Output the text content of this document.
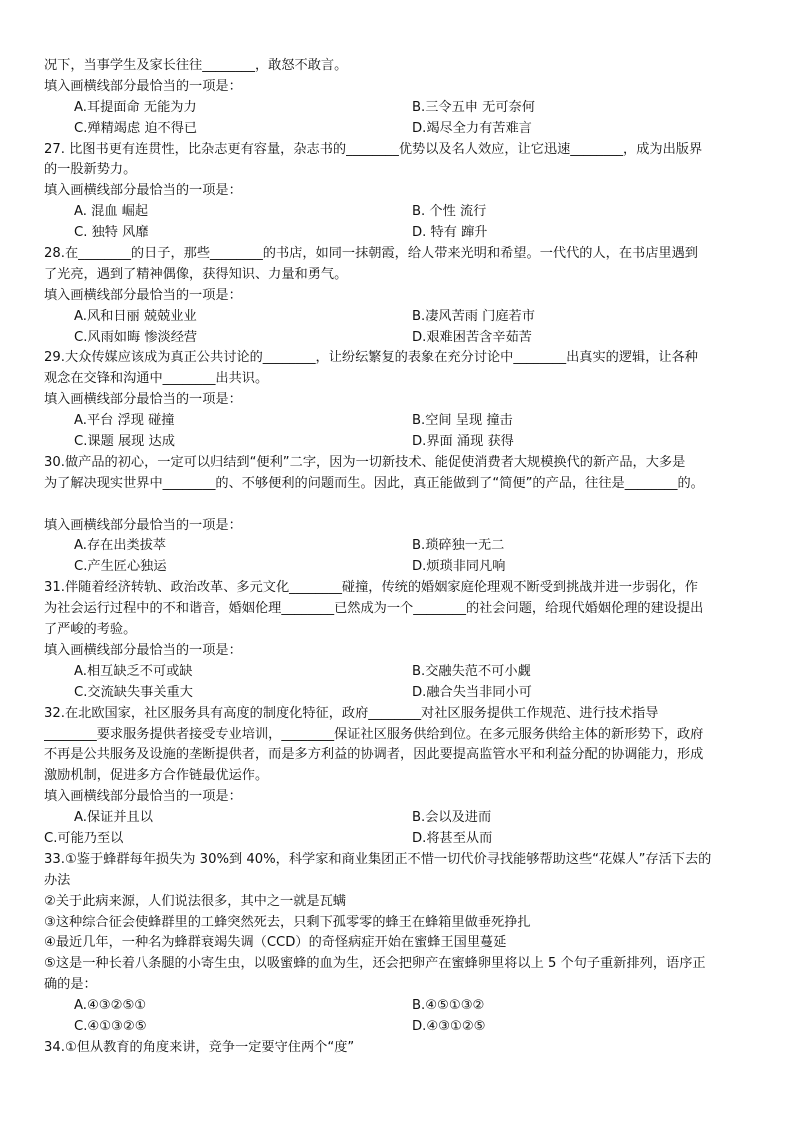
况下，当事学生及家长往往________，敢怒不敢言。
填入画横线部分最恰当的一项是：
A.耳提面命 无能为力	B.三令五申 无可奈何
C.殚精竭虑 迫不得已	D.竭尽全力有苦难言
27. 比图书更有连贯性，比杂志更有容量，杂志书的________优势以及名人效应，让它迅速________，成为出版界
的一股新势力。
填入画横线部分最恰当的一项是：
A. 混血 崛起	B. 个性 流行
C. 独特 风靡	D. 特有 蹿升
28.在________的日子，那些________的书店，如同一抹朝霞，给人带来光明和希望。一代代的人，在书店里遇到
了光亮，遇到了精神偶像，获得知识、力量和勇气。
填入画横线部分最恰当的一项是：
A.风和日丽 兢兢业业	B.凄风苦雨 门庭若市
C.风雨如晦 惨淡经营	D.艰难困苦含辛茹苦
29.大众传媒应该成为真正公共讨论的________，让纷纭繁复的表象在充分讨论中________出真实的逻辑，让各种
观念在交锋和沟通中________出共识。
填入画横线部分最恰当的一项是：
A.平台 浮现 碰撞	B.空间 呈现 撞击
C.课题 展现 达成	D.界面 涌现 获得
30.做产品的初心，一定可以归结到“便利”二字，因为一切新技术、能促使消费者大规模换代的新产品，大多是
为了解决现实世界中________的、不够便利的问题而生。因此，真正能做到了“简便”的产品，往往是________的。
填入画横线部分最恰当的一项是：
A.存在出类拔萃	B.琐碎独一无二
C.产生匠心独运	D.烦琐非同凡响
31.伴随着经济转轨、政治改革、多元文化________碰撞，传统的婚姻家庭伦理观不断受到挑战并进一步弱化，作
为社会运行过程中的不和谐音，婚姻伦理________已然成为一个________的社会问题，给现代婚姻伦理的建设提出
了严峻的考验。
填入画横线部分最恰当的一项是：
A.相互缺乏不可或缺	B.交融失范不可小觑
C.交流缺失事关重大	D.融合失当非同小可
32.在北欧国家，社区服务具有高度的制度化特征，政府________对社区服务提供工作规范、进行技术指导
________要求服务提供者接受专业培训，________保证社区服务供给到位。在多元服务供给主体的新形势下，政府
不再是公共服务及设施的垄断提供者，而是多方利益的协调者，因此要提高监管水平和利益分配的协调能力，形成
激励机制，促进多方合作链最优运作。
填入画横线部分最恰当的一项是：
A.保证并且以	B.会以及进而
C.可能乃至以	D.将甚至从而
33.①鉴于蜂群每年损失为 30%到 40%，科学家和商业集团正不惜一切代价寻找能够帮助这些“花媒人”存活下去的
办法
②关于此病来源，人们说法很多，其中之一就是瓦螨
③这种综合征会使蜂群里的工蜂突然死去，只剩下孤零零的蜂王在蜂箱里做垂死挣扎
④最近几年，一种名为蜂群衰竭失调（CCD）的奇怪病症开始在蜜蜂王国里蔓延
⑤这是一种长着八条腿的小寄生虫，以吸蜜蜂的血为生，还会把卵产在蜜蜂卵里将以上 5 个句子重新排列，语序正
确的是：
A.④③②⑤①	B.④⑤①③②
C.④①③②⑤	D.④③①②⑤
34.①但从教育的角度来讲，竞争一定要守住两个“度”
